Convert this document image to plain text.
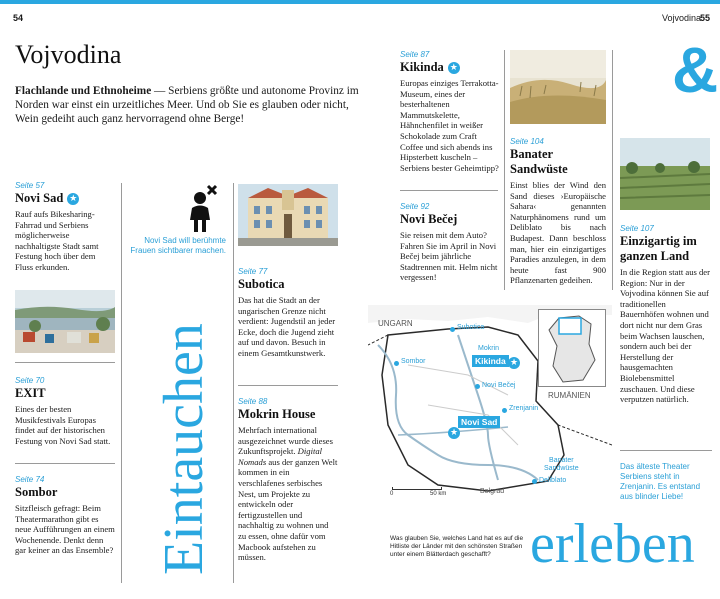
54	Vojvodina
55
Vojvodina
Flachlande und Ethnoheime — Serbiens größte und autonome Provinz im Norden war einst ein urzeitliches Meer. Und ob Sie es glauben oder nicht, Wein gedeiht auch ganz hervorragend ohne Berge!
Seite 57
Novi Sad ★
Rauf aufs Bikesharing-Fahrrad und Serbiens möglicherweise nachhaltigste Stadt samt Festung hoch über dem Fluss erkunden.
Seite 70
EXIT
Eines der besten Musikfestivals Europas findet auf der historischen Festung von Novi Sad statt.
Seite 74
Sombor
Sitzfleisch gefragt: Beim Theatermarathon gibt es neue Aufführungen an einem Wochenende. Denkt denn gar keiner an das Ensemble?
Novi Sad will berühmte Frauen sichtbarer machen.
Eintauchen
Seite 77
Subotica
Das hat die Stadt an der ungarischen Grenze nicht verdient: Jugendstil an jeder Ecke, doch die Jugend zieht auf und davon. Besuch in einem Gesamtkunstwerk.
Seite 88
Mokrin House
Mehrfach international ausgezeichnet wurde dieses Zukunftsprojekt. Digital Nomads aus der ganzen Welt kommen in ein verschlafenes serbisches Nest, um Projekte zu entwickeln oder fertigzustellen und nachhaltig zu wohnen und zu essen, ohne dafür vom Macbook aufstehen zu müssen.
Seite 87
Kikinda ★
Europas einziges Terrakotta-Museum, eines der besterhaltenen Mammutskelette, Hähnchenfilet in weißer Schokolade zum Craft Coffee und sich abends ins Hipsterbett kuscheln – Serbiens bester Geheimtipp?
Seite 92
Novi Bečej
Sie reisen mit dem Auto? Fahren Sie im April in Novi Bečej beim jährliche Stadtrennen mit. Helm nicht vergessen!
Seite 104
Banater Sandwüste
Einst blies der Wind den Sand dieses ›Europäische Sahara‹ genannten Naturphänomens rund um Deliblato bis nach Budapest. Dann beschloss man, hier ein einzigartiges Paradies anzulegen, in dem heute fast 900 Pflanzenarten gedeihen.
&
Seite 107
Einzigartig im ganzen Land
In die Region statt aus der Region: Nur in der Vojvodina können Sie auf traditionellen Bauernhöfen wohnen und dort nicht nur dem Gras beim Wachsen lauschen, sondern auch bei der Herstellung der hausgemachten Biolebensmittel zuschauen. Und diese verputzen natürlich.
Das älteste Theater Serbiens steht in Zrenjanin. Es entstand aus blinder Liebe!
UNGARN
RUMÄNIEN
Subotica
Sombor
Mokrin
Kikinda ★
Novi Bečej
Zrenjanin
Novi Sad
★
Banater
Sandwüste
Deliblato
Belgrad
0	50 km
Was glauben Sie, welches Land hat es auf die Hitliste der Länder mit den schönsten Straßen unter einem Blätterdach geschafft? erleben
